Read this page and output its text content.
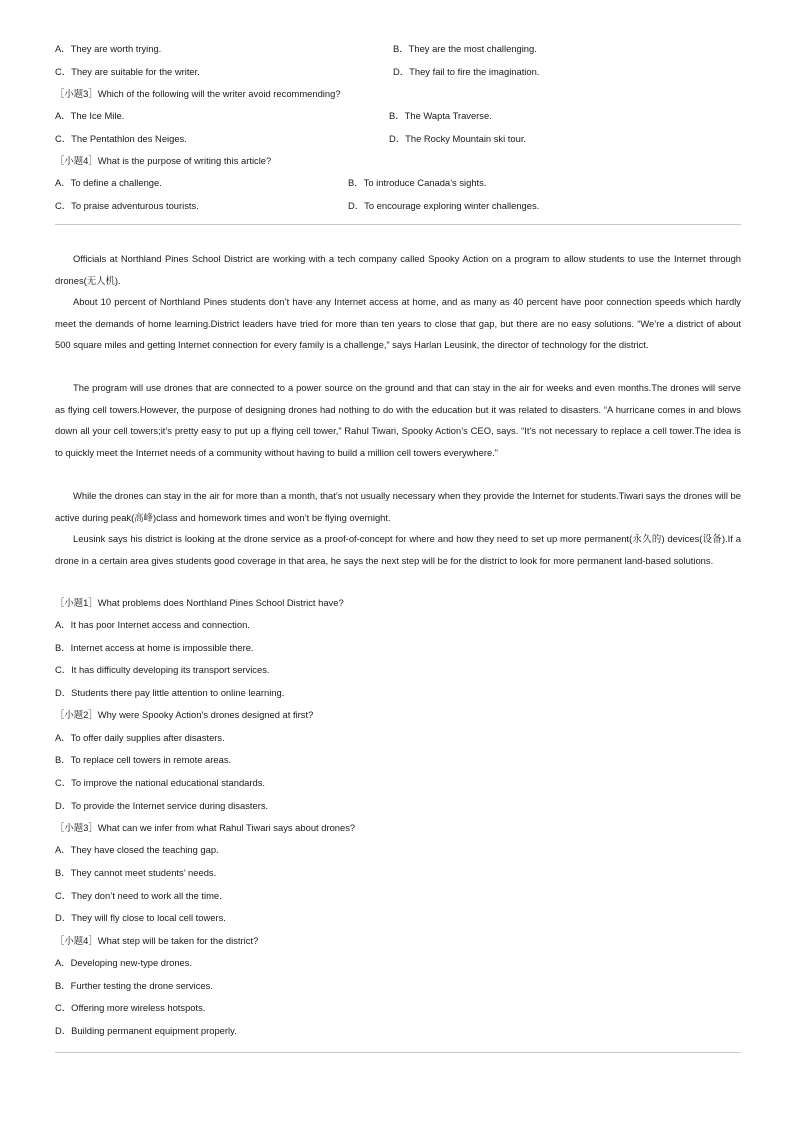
A．They are worth trying.	B．They are the most challenging.
C．They are suitable for the writer.	D．They fail to fire the imagination.
［小题3］Which of the following will the writer avoid recommending?
A．The Ice Mile.	B．The Wapta Traverse.
C．The Pentathlon des Neiges.	D．The Rocky Mountain ski tour.
［小题4］What is the purpose of writing this article?
A．To define a challenge.	B．To introduce Canada’s sights.
C．To praise adventurous tourists.	D．To encourage exploring winter challenges.
Officials at Northland Pines School District are working with a tech company called Spooky Action on a program to allow students to use the Internet through drones(无人机).
About 10 percent of Northland Pines students don’t have any Internet access at home, and as many as 40 percent have poor connection speeds which hardly meet the demands of home learning.District leaders have tried for more than ten years to close that gap, but there are no easy solutions. “We’re a district of about 500 square miles and getting Internet connection for every family is a challenge,” says Harlan Leusink, the director of technology for the district.
The program will use drones that are connected to a power source on the ground and that can stay in the air for weeks and even months.The drones will serve as flying cell towers.However, the purpose of designing drones had nothing to do with the education but it was related to disasters. “A hurricane comes in and blows down all your cell towers;it’s pretty easy to put up a flying cell tower,” Rahul Tiwari, Spooky Action’s CEO, says. “It’s not necessary to replace a cell tower.The idea is to quickly meet the Internet needs of a community without having to build a million cell towers everywhere.”
While the drones can stay in the air for more than a month, that’s not usually necessary when they provide the Internet for students.Tiwari says the drones will be active during peak(高峰)class and homework times and won’t be flying overnight.
Leusink says his district is looking at the drone service as a proof-of-concept for where and how they need to set up more permanent(永久的) devices(设备).If a drone in a certain area gives students good coverage in that area, he says the next step will be for the district to look for more permanent land-based solutions.
［小题1］What problems does Northland Pines School District have?
A．It has poor Internet access and connection.
B．Internet access at home is impossible there.
C．It has difficulty developing its transport services.
D．Students there pay little attention to online learning.
［小题2］Why were Spooky Action’s drones designed at first?
A．To offer daily supplies after disasters.
B．To replace cell towers in remote areas.
C．To improve the national educational standards.
D．To provide the Internet service during disasters.
［小题3］What can we infer from what Rahul Tiwari says about drones?
A．They have closed the teaching gap.
B．They cannot meet students’ needs.
C．They don’t need to work all the time.
D．They will fly close to local cell towers.
［小题4］What step will be taken for the district?
A．Developing new-type drones.
B．Further testing the drone services.
C．Offering more wireless hotspots.
D．Building permanent equipment properly.
